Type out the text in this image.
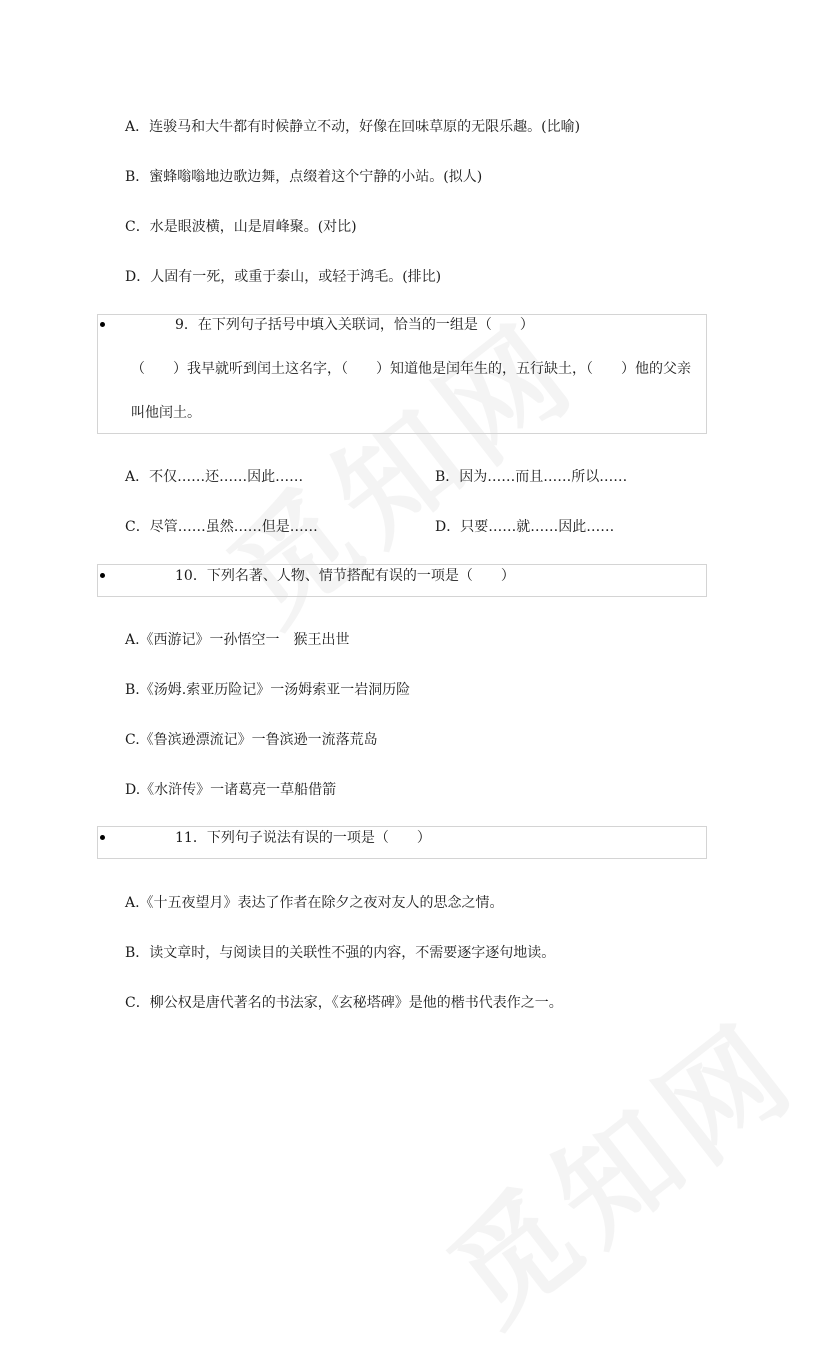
A．连骏马和大牛都有时候静立不动，好像在回味草原的无限乐趣。(比喻)
B．蜜蜂嗡嗡地边歌边舞，点缀着这个宁静的小站。(拟人)
C．水是眼波横，山是眉峰聚。(对比)
D．人固有一死，或重于泰山，或轻于鸿毛。(排比)
9．在下列句子括号中填入关联词，恰当的一组是（　　）
（　　）我早就听到闰土这名字，（　　）知道他是闰年生的，五行缺土，（　　）他的父亲
叫他闰土。
A．不仅……还……因此……	B．因为……而且……所以……
C．尽管……虽然……但是……	D．只要……就……因此……
10．下列名著、人物、情节搭配有误的一项是（　　）
A.《西游记》一孙悟空一　猴王出世
B.《汤姆.索亚历险记》一汤姆索亚一岩洞历险
C.《鲁滨逊漂流记》一鲁滨逊一流落荒岛
D.《水浒传》一诸葛亮一草船借箭
11．下列句子说法有误的一项是（　　）
A.《十五夜望月》表达了作者在除夕之夜对友人的思念之情。
B．读文章时，与阅读目的关联性不强的内容，不需要逐字逐句地读。
C．柳公权是唐代著名的书法家，《玄秘塔碑》是他的楷书代表作之一。
